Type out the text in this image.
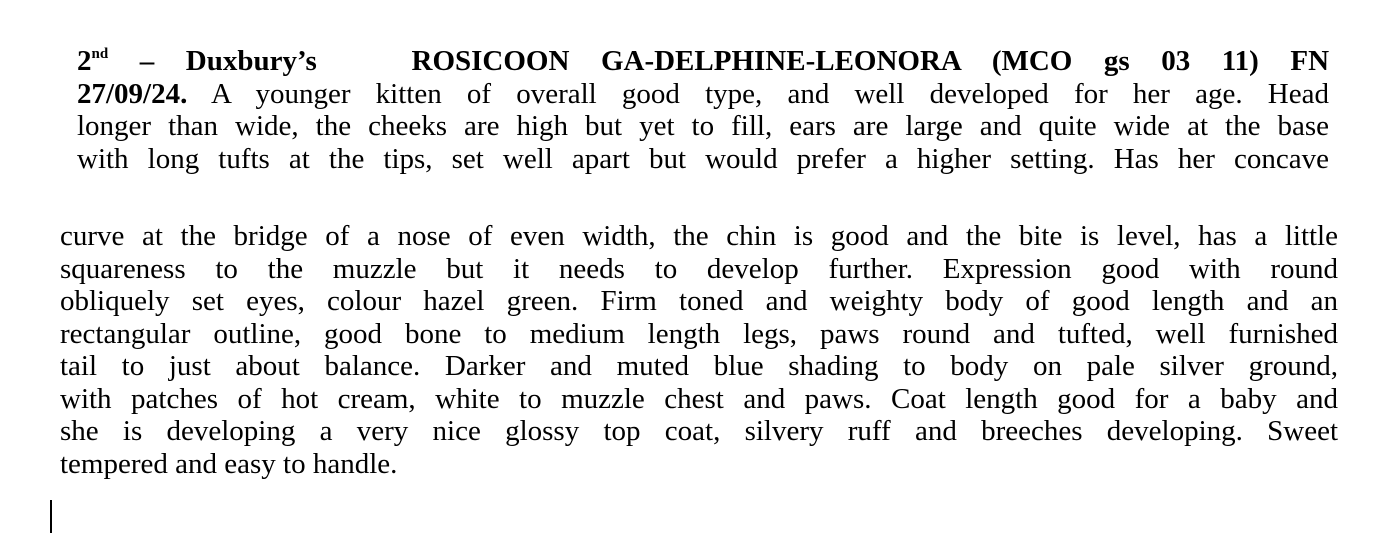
2nd – Duxbury’s	ROSICOON GA-DELPHINE-LEONORA (MCO gs 03 11) FN
27/09/24. A younger kitten of overall good type, and well developed for her age. Head
longer than wide, the cheeks are high but yet to fill, ears are large and quite wide at the base
with long tufts at the tips, set well apart but would prefer a higher setting. Has her concave
curve at the bridge of a nose of even width, the chin is good and the bite is level, has a little
squareness to the muzzle but it needs to develop further. Expression good with round
obliquely set eyes, colour hazel green. Firm toned and weighty body of good length and an
rectangular outline, good bone to medium length legs, paws round and tufted, well furnished
tail to just about balance. Darker and muted blue shading to body on pale silver ground,
with patches of hot cream, white to muzzle chest and paws. Coat length good for a baby and
she is developing a very nice glossy top coat, silvery ruff and breeches developing. Sweet
tempered and easy to handle.
